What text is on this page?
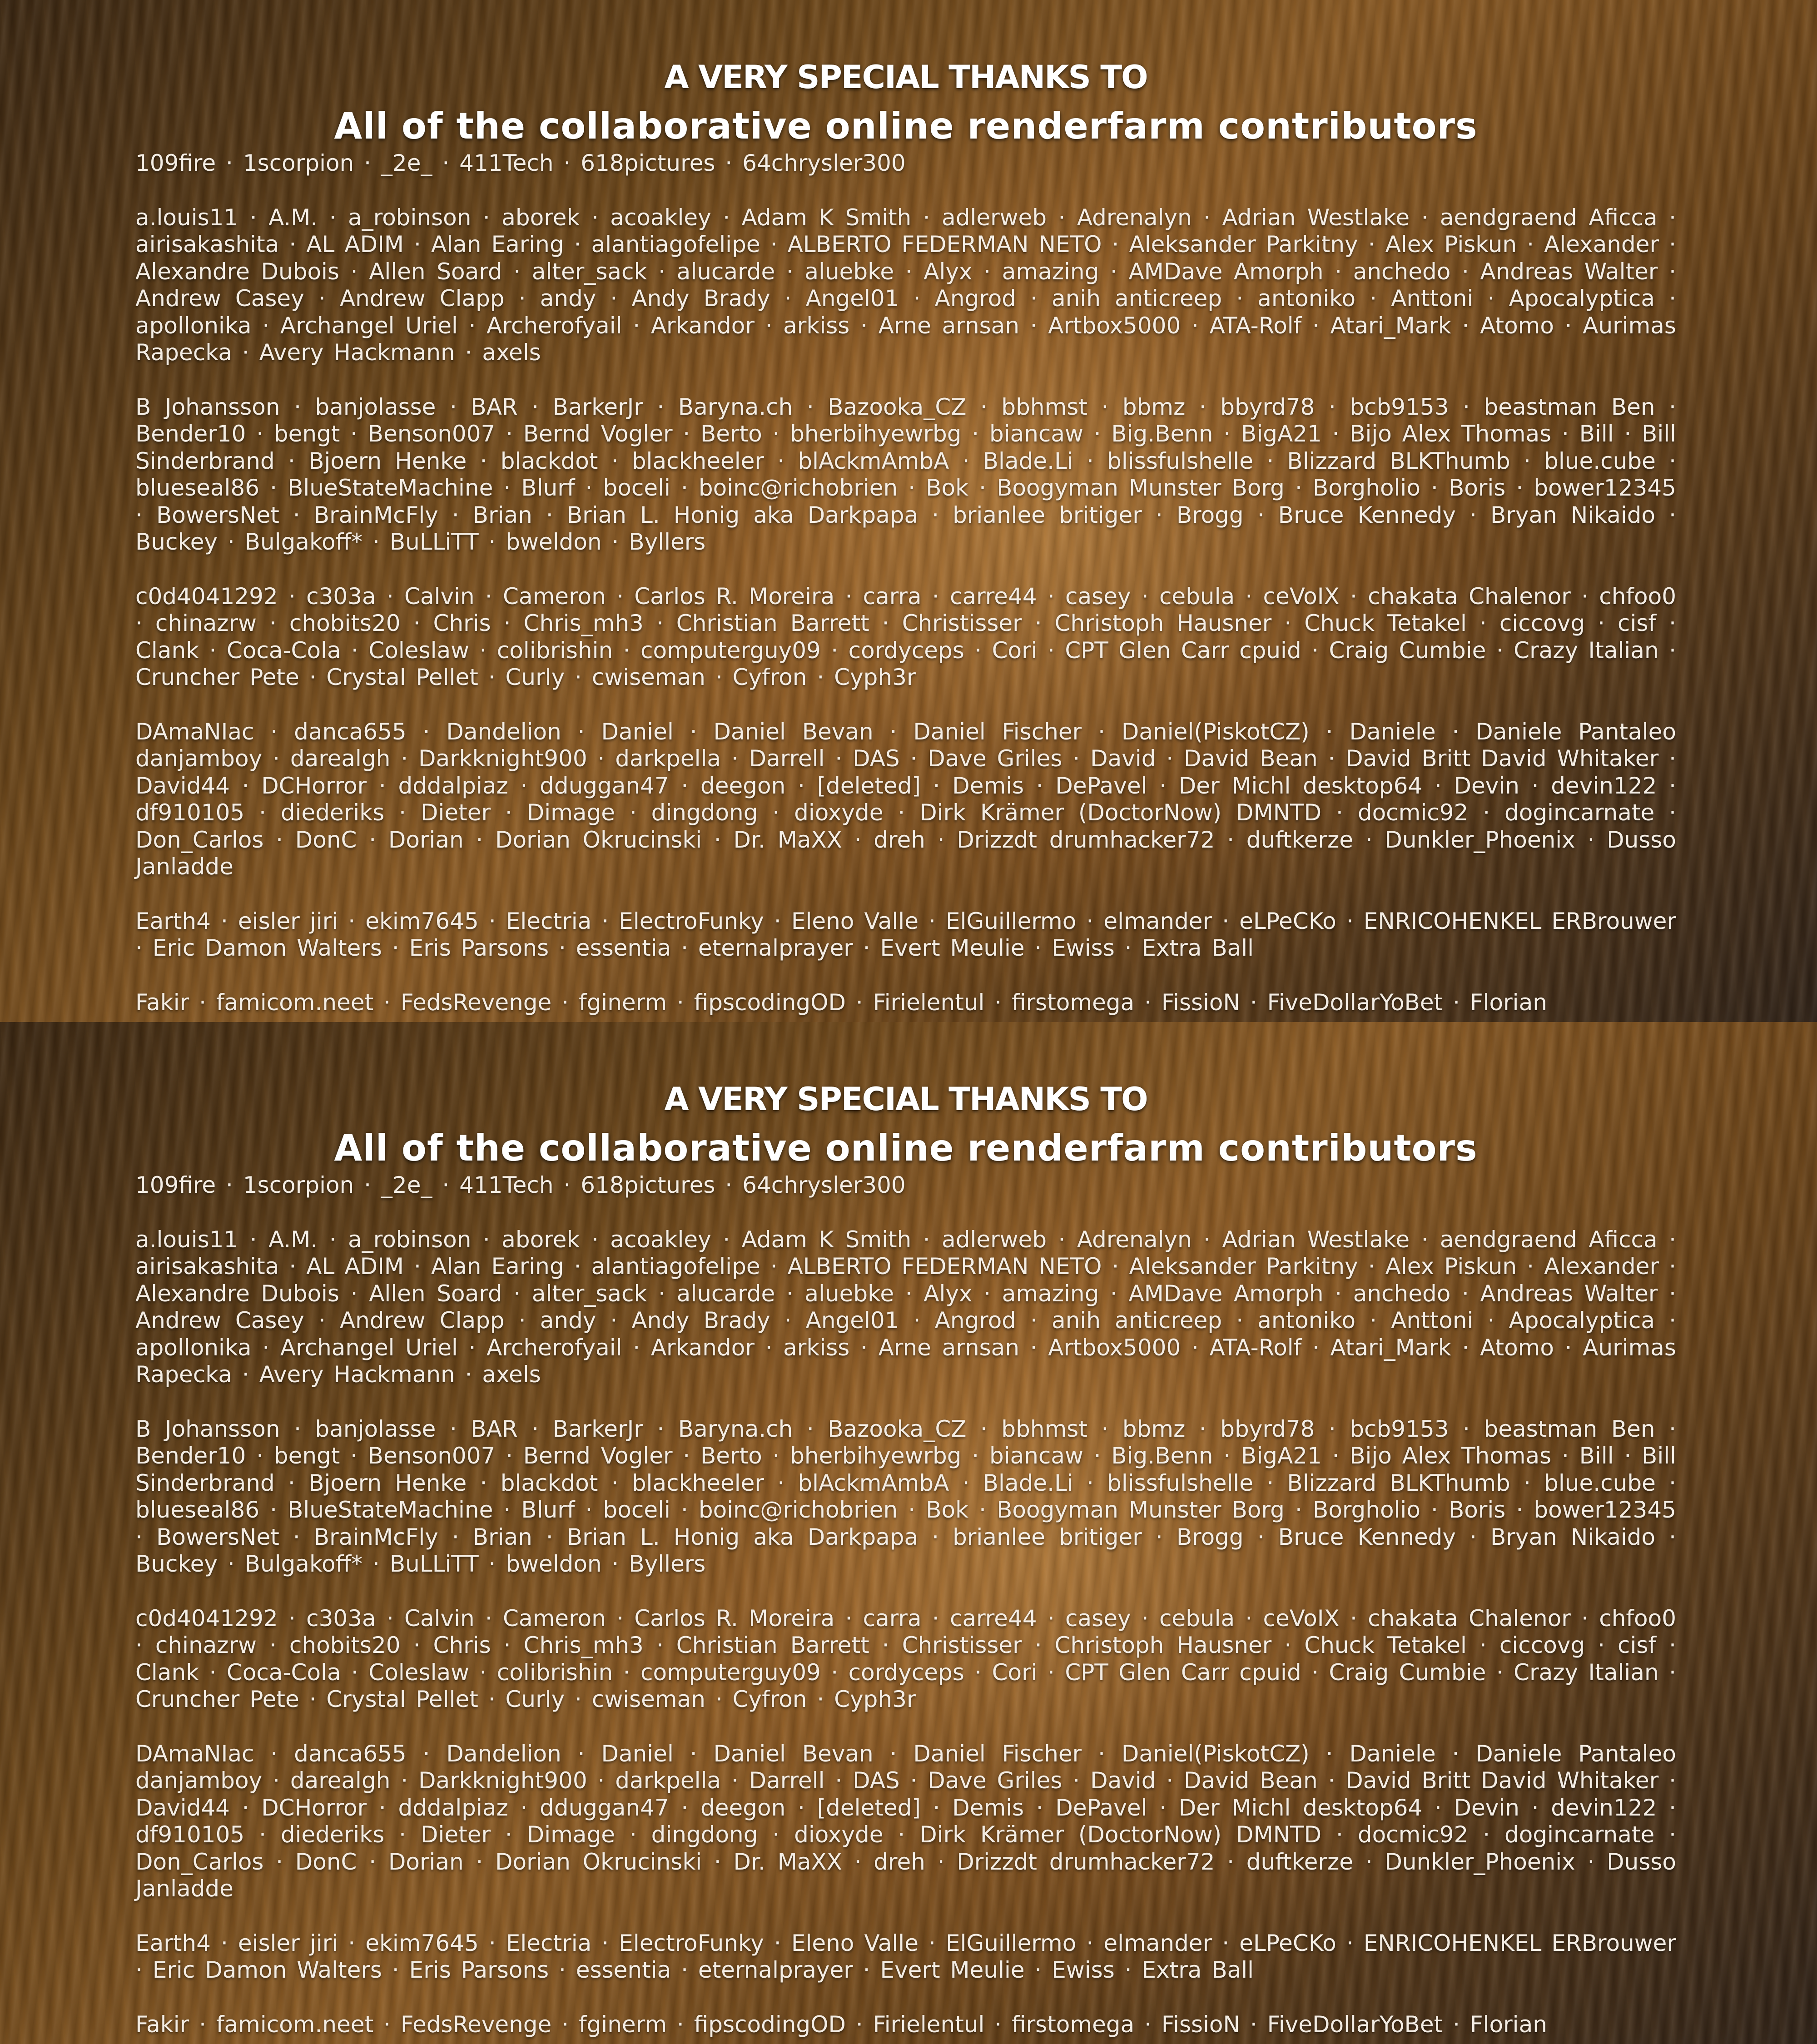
A VERY SPECIAL THANKS TO
All of the collaborative online renderfarm contributors

109fire · 1scorpion · _2e_ · 411Tech · 618pictures · 64chrysler300

a.louis11 · A.M. · a_robinson · aborek · acoakley · Adam K Smith · adlerweb · Adrenalyn · Adrian Westlake · aendgraend Aficca · airisakashita · AL ADIM · Alan Earing · alantiagofelipe · ALBERTO FEDERMAN NETO · Aleksander Parkitny · Alex Piskun · Alexander · Alexandre Dubois · Allen Soard · alter_sack · alucarde · aluebke · Alyx · amazing · AMDave Amorph · anchedo · Andreas Walter · Andrew Casey · Andrew Clapp · andy · Andy Brady · Angel01 · Angrod · anih anticreep · antoniko · Anttoni · Apocalyptica · apollonika · Archangel Uriel · Archerofyail · Arkandor · arkiss · Arne arnsan · Artbox5000 · ATA-Rolf · Atari_Mark · Atomo · Aurimas Rapecka · Avery Hackmann · axels

B Johansson · banjolasse · BAR · BarkerJr · Baryna.ch · Bazooka_CZ · bbhmst · bbmz · bbyrd78 · bcb9153 · beastman Ben · Bender10 · bengt · Benson007 · Bernd Vogler · Berto · bherbihyewrbg · biancaw · Big.Benn · BigA21 · Bijo Alex Thomas · Bill · Bill Sinderbrand · Bjoern Henke · blackdot · blackheeler · blAckmAmbA · Blade.Li · blissfulshelle · Blizzard BLKThumb · blue.cube · blueseal86 · BlueStateMachine · Blurf · boceli · boinc@richobrien · Bok · Boogyman Munster Borg · Borgholio · Boris · bower12345 · BowersNet · BrainMcFly · Brian · Brian L. Honig aka Darkpapa · brianlee britiger · Brogg · Bruce Kennedy · Bryan Nikaido · Buckey · Bulgakoff* · BuLLiTT · bweldon · Byllers

c0d4041292 · c303a · Calvin · Cameron · Carlos R. Moreira · carra · carre44 · casey · cebula · ceVoIX · chakata Chalenor · chfoo0 · chinazrw · chobits20 · Chris · Chris_mh3 · Christian Barrett · Christisser · Christoph Hausner · Chuck Tetakel · ciccovg · cisf · Clank · Coca-Cola · Coleslaw · colibrishin · computerguy09 · cordyceps · Cori · CPT Glen Carr cpuid · Craig Cumbie · Crazy Italian · Cruncher Pete · Crystal Pellet · Curly · cwiseman · Cyfron · Cyph3r

DAmaNIac · danca655 · Dandelion · Daniel · Daniel Bevan · Daniel Fischer · Daniel(PiskotCZ) · Daniele · Daniele Pantaleo danjamboy · darealgh · Darkknight900 · darkpella · Darrell · DAS · Dave Griles · David · David Bean · David Britt David Whitaker · David44 · DCHorror · dddalpiaz · dduggan47 · deegon · [deleted] · Demis · DePavel · Der Michl desktop64 · Devin · devin122 · df910105 · diederiks · Dieter · Dimage · dingdong · dioxyde · Dirk Krämer (DoctorNow) DMNTD · docmic92 · dogincarnate · Don_Carlos · DonC · Dorian · Dorian Okrucinski · Dr. MaXX · dreh · Drizzdt drumhacker72 · duftkerze · Dunkler_Phoenix · Dusso Janladde

Earth4 · eisler jiri · ekim7645 · Electria · ElectroFunky · Eleno Valle · ElGuillermo · elmander · eLPeCKo · ENRICOHENKEL ERBrouwer · Eric Damon Walters · Eris Parsons · essentia · eternalprayer · Evert Meulie · Ewiss · Extra Ball

Fakir · famicom.neet · FedsRevenge · fginerm · fipscodingOD · Firielentul · firstomega · FissioN · FiveDollarYoBet · Florian

A VERY SPECIAL THANKS TO
All of the collaborative online renderfarm contributors

109fire · 1scorpion · _2e_ · 411Tech · 618pictures · 64chrysler300

a.louis11 · A.M. · a_robinson · aborek · acoakley · Adam K Smith · adlerweb · Adrenalyn · Adrian Westlake · aendgraend Aficca · airisakashita · AL ADIM · Alan Earing · alantiagofelipe · ALBERTO FEDERMAN NETO · Aleksander Parkitny · Alex Piskun · Alexander · Alexandre Dubois · Allen Soard · alter_sack · alucarde · aluebke · Alyx · amazing · AMDave Amorph · anchedo · Andreas Walter · Andrew Casey · Andrew Clapp · andy · Andy Brady · Angel01 · Angrod · anih anticreep · antoniko · Anttoni · Apocalyptica · apollonika · Archangel Uriel · Archerofyail · Arkandor · arkiss · Arne arnsan · Artbox5000 · ATA-Rolf · Atari_Mark · Atomo · Aurimas Rapecka · Avery Hackmann · axels

B Johansson · banjolasse · BAR · BarkerJr · Baryna.ch · Bazooka_CZ · bbhmst · bbmz · bbyrd78 · bcb9153 · beastman Ben · Bender10 · bengt · Benson007 · Bernd Vogler · Berto · bherbihyewrbg · biancaw · Big.Benn · BigA21 · Bijo Alex Thomas · Bill · Bill Sinderbrand · Bjoern Henke · blackdot · blackheeler · blAckmAmbA · Blade.Li · blissfulshelle · Blizzard BLKThumb · blue.cube · blueseal86 · BlueStateMachine · Blurf · boceli · boinc@richobrien · Bok · Boogyman Munster Borg · Borgholio · Boris · bower12345 · BowersNet · BrainMcFly · Brian · Brian L. Honig aka Darkpapa · brianlee britiger · Brogg · Bruce Kennedy · Bryan Nikaido · Buckey · Bulgakoff* · BuLLiTT · bweldon · Byllers

c0d4041292 · c303a · Calvin · Cameron · Carlos R. Moreira · carra · carre44 · casey · cebula · ceVoIX · chakata Chalenor · chfoo0 · chinazrw · chobits20 · Chris · Chris_mh3 · Christian Barrett · Christisser · Christoph Hausner · Chuck Tetakel · ciccovg · cisf · Clank · Coca-Cola · Coleslaw · colibrishin · computerguy09 · cordyceps · Cori · CPT Glen Carr cpuid · Craig Cumbie · Crazy Italian · Cruncher Pete · Crystal Pellet · Curly · cwiseman · Cyfron · Cyph3r

DAmaNIac · danca655 · Dandelion · Daniel · Daniel Bevan · Daniel Fischer · Daniel(PiskotCZ) · Daniele · Daniele Pantaleo danjamboy · darealgh · Darkknight900 · darkpella · Darrell · DAS · Dave Griles · David · David Bean · David Britt David Whitaker · David44 · DCHorror · dddalpiaz · dduggan47 · deegon · [deleted] · Demis · DePavel · Der Michl desktop64 · Devin · devin122 · df910105 · diederiks · Dieter · Dimage · dingdong · dioxyde · Dirk Krämer (DoctorNow) DMNTD · docmic92 · dogincarnate · Don_Carlos · DonC · Dorian · Dorian Okrucinski · Dr. MaXX · dreh · Drizzdt drumhacker72 · duftkerze · Dunkler_Phoenix · Dusso Janladde

Earth4 · eisler jiri · ekim7645 · Electria · ElectroFunky · Eleno Valle · ElGuillermo · elmander · eLPeCKo · ENRICOHENKEL ERBrouwer · Eric Damon Walters · Eris Parsons · essentia · eternalprayer · Evert Meulie · Ewiss · Extra Ball

Fakir · famicom.neet · FedsRevenge · fginerm · fipscodingOD · Firielentul · firstomega · FissioN · FiveDollarYoBet · Florian
